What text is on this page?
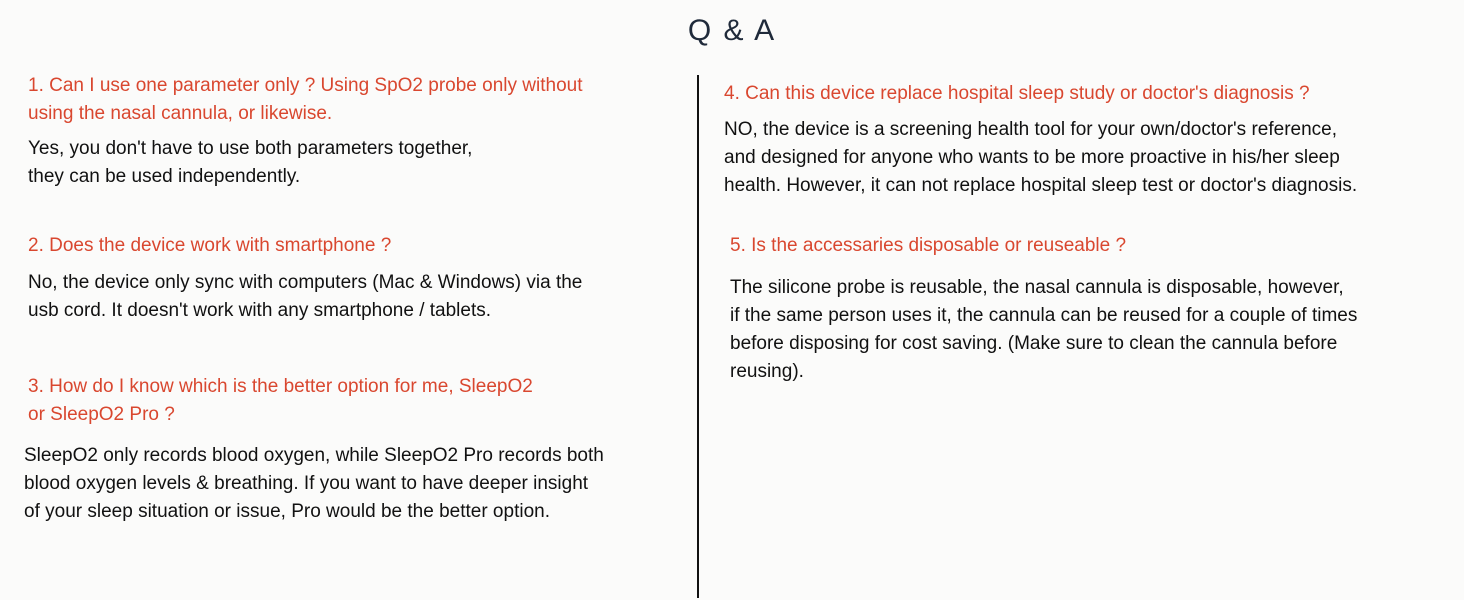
Q & A
1. Can I use one parameter only ? Using SpO2 probe only without
using the nasal cannula, or likewise.
Yes, you don't have to use both parameters together,
they can be used independently.
2. Does the device work with smartphone ?
No, the device only sync with computers (Mac & Windows) via the
usb cord. It doesn't work with any smartphone / tablets.
3. How do I know which is the better option for me, SleepO2
or SleepO2 Pro ?
SleepO2 only records blood oxygen, while SleepO2 Pro records both
blood oxygen levels & breathing. If you want to have deeper insight
of your sleep situation or issue, Pro would be the better option.
4. Can this device replace hospital sleep study or doctor's diagnosis ?
NO, the device is a screening health tool for your own/doctor's reference,
and designed for anyone who wants to be more proactive in his/her sleep
health. However, it can not replace hospital sleep test or doctor's diagnosis.
5. Is the accessaries disposable or reuseable ?
The silicone probe is reusable, the nasal cannula is disposable, however,
if the same person uses it, the cannula can be reused for a couple of times
before disposing for cost saving. (Make sure to clean the cannula before
reusing).
